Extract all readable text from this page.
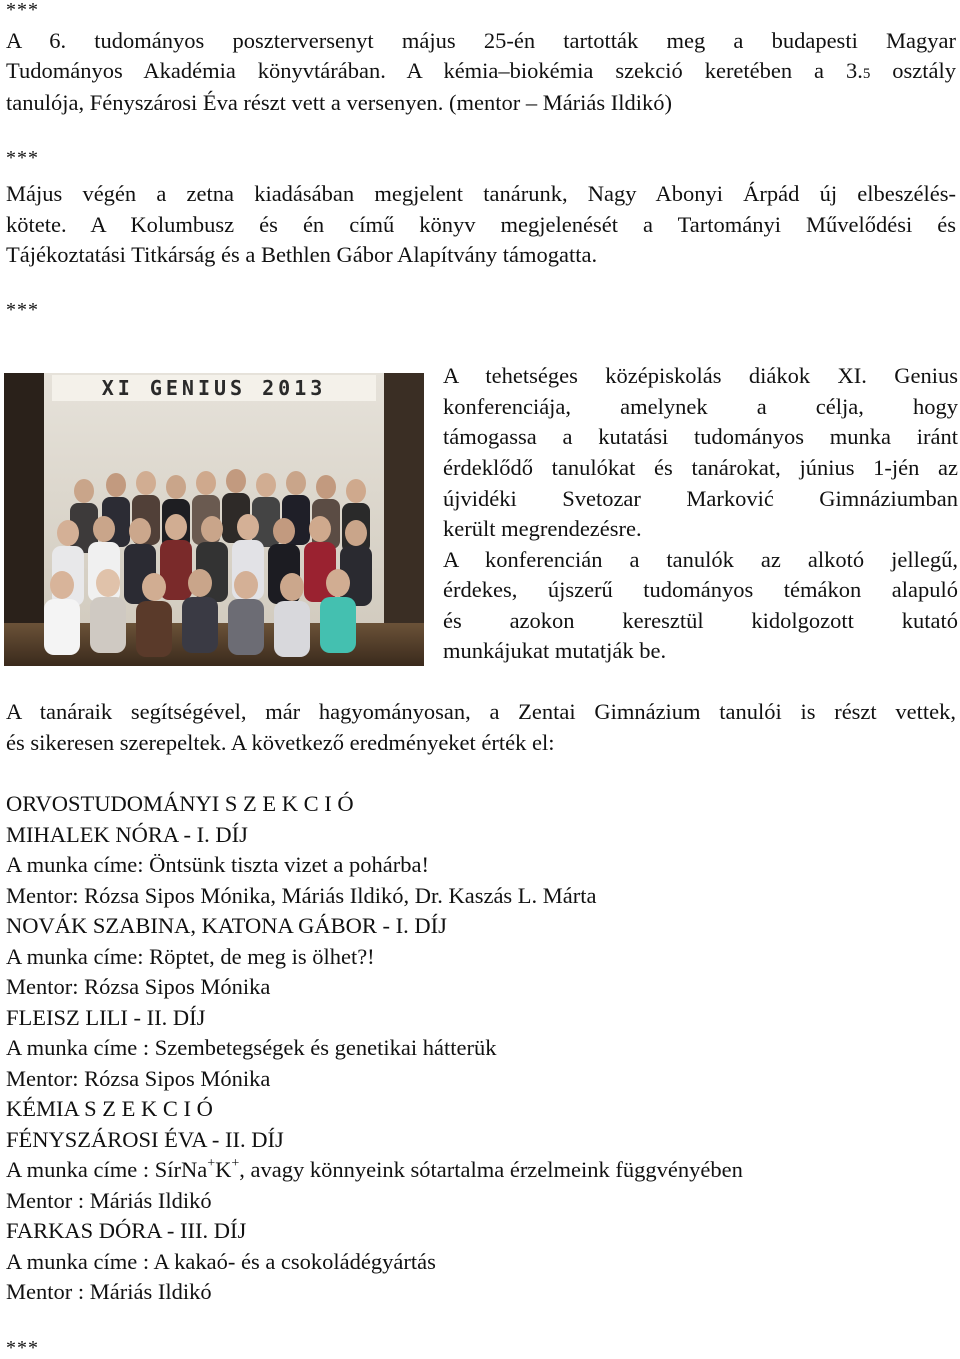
***
A 6. tudományos poszterversenyt május 25-én tartották meg a budapesti Magyar
Tudományos Akadémia könyvtárában. A kémia–biokémia szekció keretében a 3.5 osztály
tanulója, Fényszárosi Éva részt vett a versenyen. (mentor – Máriás Ildikó)
***
Május végén a zetna kiadásában megjelent tanárunk, Nagy Abonyi Árpád új elbeszélés-
kötete. A Kolumbusz és én című könyv megjelenését a Tartományi Művelődési és
Tájékoztatási Titkárság és a Bethlen Gábor Alapítvány támogatta.
***
XI GENIUS 2013	A tehetséges középiskolás diákok XI. Genius
konferenciája, amelynek a célja, hogy
támogassa a kutatási tudományos munka iránt
érdeklődő tanulókat és tanárokat, június 1-jén az
újvidéki Svetozar Marković Gimnáziumban
került megrendezésre.
A konferencián a tanulók az alkotó jellegű,
érdekes, újszerű tudományos témákon alapuló
és azokon keresztül kidolgozott kutató
munkájukat mutatják be.
A tanáraik segítségével, már hagyományosan, a Zentai Gimnázium tanulói is részt vettek,
és sikeresen szerepeltek. A következő eredményeket érték el:
ORVOSTUDOMÁNYI S Z E K C I Ó
MIHALEK NÓRA - I. DÍJ
A munka címe: Öntsünk tiszta vizet a pohárba!
Mentor: Rózsa Sipos Mónika, Máriás Ildikó, Dr. Kaszás L. Márta
NOVÁK SZABINA, KATONA GÁBOR - I. DÍJ
A munka címe: Röptet, de meg is ölhet?!
Mentor: Rózsa Sipos Mónika
FLEISZ LILI - II. DÍJ
A munka címe : Szembetegségek és genetikai hátterük
Mentor: Rózsa Sipos Mónika
KÉMIA S Z E K C I Ó
FÉNYSZÁROSI ÉVA - II. DÍJ
A munka címe : SírNa+K+, avagy könnyeink sótartalma érzelmeink függvényében
Mentor : Máriás Ildikó
FARKAS DÓRA - III. DÍJ
A munka címe : A kakaó- és a csokoládégyártás
Mentor : Máriás Ildikó
***
